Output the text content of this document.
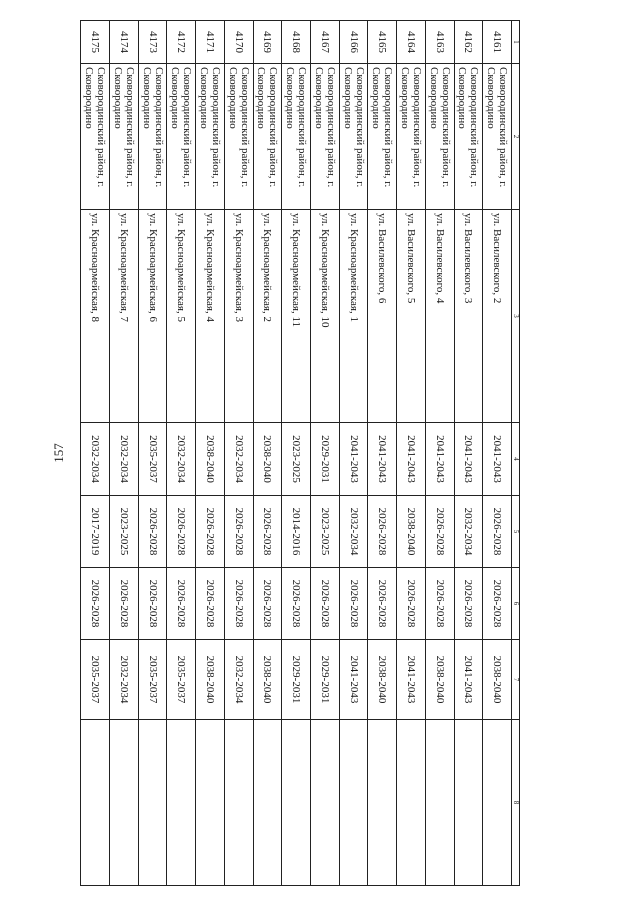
157
1	2	3	4	5	6	7	8
4161	Сковородинский район, г. Сковородино	ул. Василевского, 2	2041-2043	2026-2028	2026-2028	2038-2040	
4162	Сковородинский район, г. Сковородино	ул. Василевского, 3	2041-2043	2032-2034	2026-2028	2041-2043	
4163	Сковородинский район, г. Сковородино	ул. Василевского, 4	2041-2043	2026-2028	2026-2028	2038-2040	
4164	Сковородинский район, г. Сковородино	ул. Василевского, 5	2041-2043	2038-2040	2026-2028	2041-2043	
4165	Сковородинский район, г. Сковородино	ул. Василевского, 6	2041-2043	2026-2028	2026-2028	2038-2040	
4166	Сковородинский район, г. Сковородино	ул. Красноармейская, 1	2041-2043	2032-2034	2026-2028	2041-2043	
4167	Сковородинский район, г. Сковородино	ул. Красноармейская, 10	2029-2031	2023-2025	2026-2028	2029-2031	
4168	Сковородинский район, г. Сковородино	ул. Красноармейская, 11	2023-2025	2014-2016	2026-2028	2029-2031	
4169	Сковородинский район, г. Сковородино	ул. Красноармейская, 2	2038-2040	2026-2028	2026-2028	2038-2040	
4170	Сковородинский район, г. Сковородино	ул. Красноармейская, 3	2032-2034	2026-2028	2026-2028	2032-2034	
4171	Сковородинский район, г. Сковородино	ул. Красноармейская, 4	2038-2040	2026-2028	2026-2028	2038-2040	
4172	Сковородинский район, г. Сковородино	ул. Красноармейская, 5	2032-2034	2026-2028	2026-2028	2035-2037	
4173	Сковородинский район, г. Сковородино	ул. Красноармейская, 6	2035-2037	2026-2028	2026-2028	2035-2037	
4174	Сковородинский район, г. Сковородино	ул. Красноармейская, 7	2032-2034	2023-2025	2026-2028	2032-2034	
4175	Сковородинский район, г. Сковородино	ул. Красноармейская, 8	2032-2034	2017-2019	2026-2028	2035-2037	
